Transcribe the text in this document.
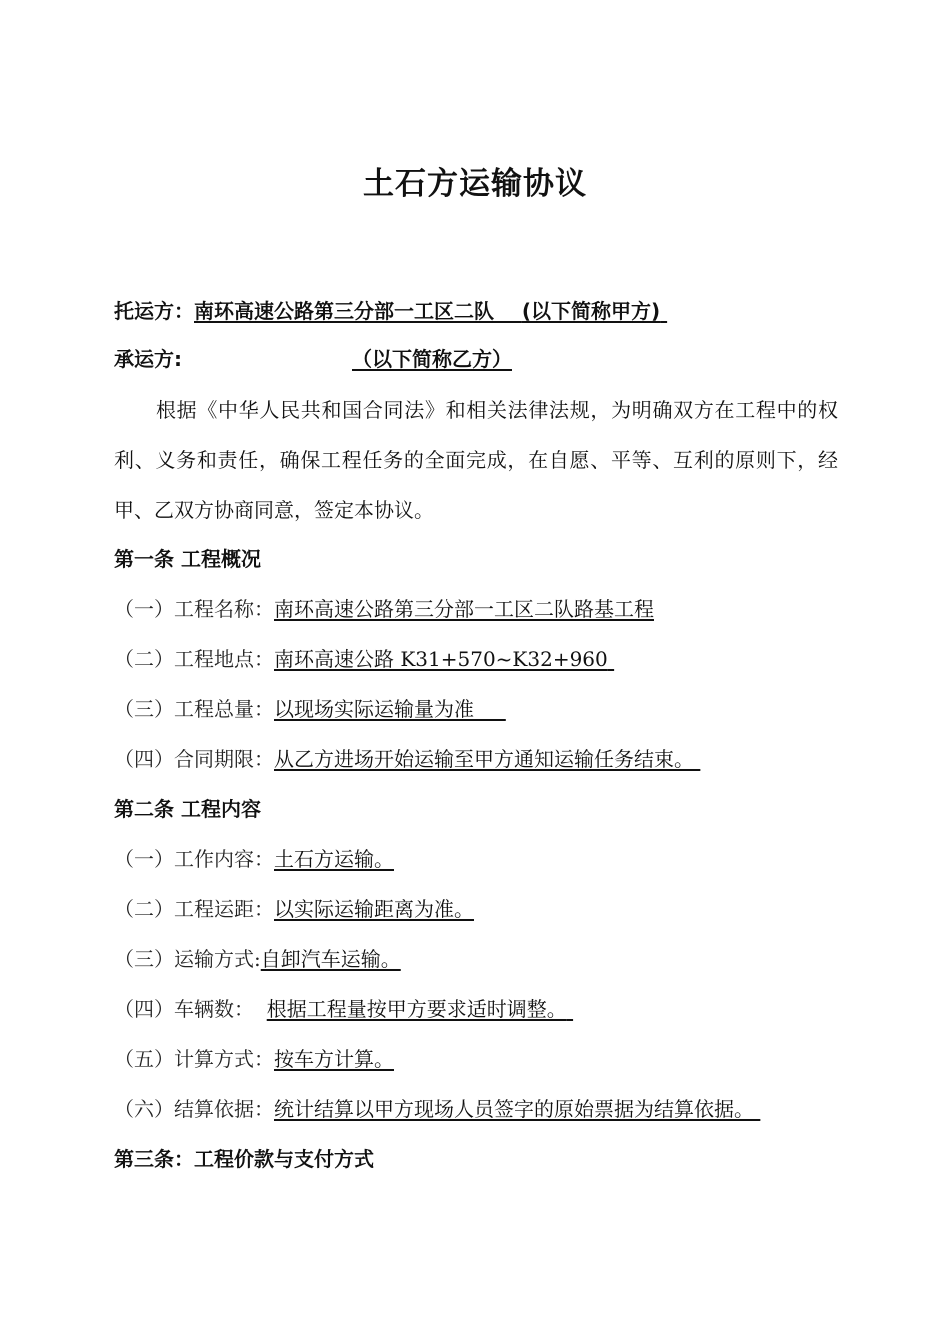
土石方运输协议
托运方：南环高速公路第三分部一工区二队 (以下简称甲方)
承运方:	（以下简称乙方）
根据《中华人民共和国合同法》和相关法律法规，为明确双方在工程中的权利、义务和责任，确保工程任务的全面完成，在自愿、平等、互利的原则下，经甲、乙双方协商同意，签定本协议。
第一条 工程概况
（一）工程名称：南环高速公路第三分部一工区二队路基工程
（二）工程地点：南环高速公路 K31+570~K32+960
（三）工程总量：以现场实际运输量为准
（四）合同期限：从乙方进场开始运输至甲方通知运输任务结束。
第二条 工程内容
（一）工作内容：土石方运输。
（二）工程运距：以实际运输距离为准。
（三）运输方式:自卸汽车运输。
（四）车辆数： 根据工程量按甲方要求适时调整。
（五）计算方式：按车方计算。
（六）结算依据：统计结算以甲方现场人员签字的原始票据为结算依据。
第三条：工程价款与支付方式
